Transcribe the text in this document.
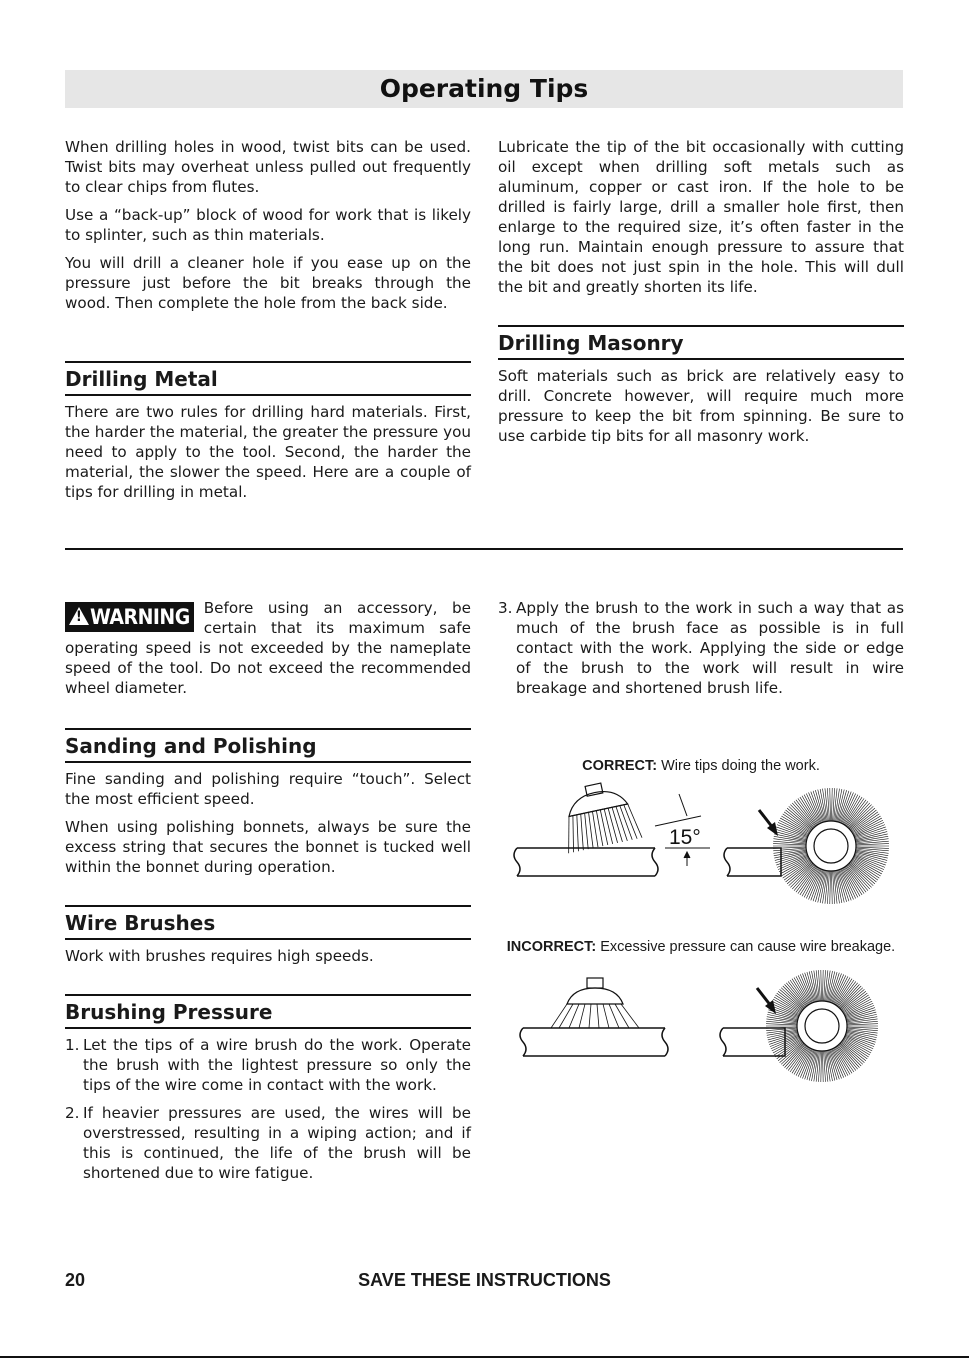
Operating Tips

When drilling holes in wood, twist bits can be used. Twist bits may overheat unless pulled out frequently to clear chips from flutes.

Use a “back-up” block of wood for work that is likely to splinter, such as thin materials.

You will drill a cleaner hole if you ease up on the pressure just before the bit breaks through the wood. Then complete the hole from the back side.

Drilling Metal

There are two rules for drilling hard materials. First, the harder the material, the greater the pressure you need to apply to the tool. Second, the harder the material, the slower the speed. Here are a couple of tips for drilling in metal.

Lubricate the tip of the bit occasionally with cutting oil except when drilling soft metals such as aluminum, copper or cast iron. If the hole to be drilled is fairly large, drill a smaller hole first, then enlarge to the required size, it’s often faster in the long run. Maintain enough pressure to assure that the bit does not just spin in the hole. This will dull the bit and greatly shorten its life.

Drilling Masonry

Soft materials such as brick are relatively easy to drill. Concrete however, will require much more pressure to keep the bit from spinning. Be sure to use carbide tip bits for all masonry work.

! WARNING Before using an accessory, be certain that its maximum safe operating speed is not exceeded by the nameplate speed of the tool. Do not exceed the recommended wheel diameter.

Sanding and Polishing

Fine sanding and polishing require “touch”. Select the most efficient speed.

When using polishing bonnets, always be sure the excess string that secures the bonnet is tucked well within the bonnet during operation.

Wire Brushes

Work with brushes requires high speeds.

Brushing Pressure
1. Let the tips of a wire brush do the work. Operate the brush with the lightest pressure so only the tips of the wire come in contact with the work.
2. If heavier pressures are used, the wires will be overstressed, resulting in a wiping action; and if this is continued, the life of the brush will be shortened due to wire fatigue.
3. Apply the brush to the work in such a way that as much of the brush face as possible is in full contact with the work. Applying the side or edge of the brush to the work will result in wire breakage and shortened brush life.
CORRECT: Wire tips doing the work.
15°
INCORRECT: Excessive pressure can cause wire breakage.
SAVE THESE INSTRUCTIONS
20
